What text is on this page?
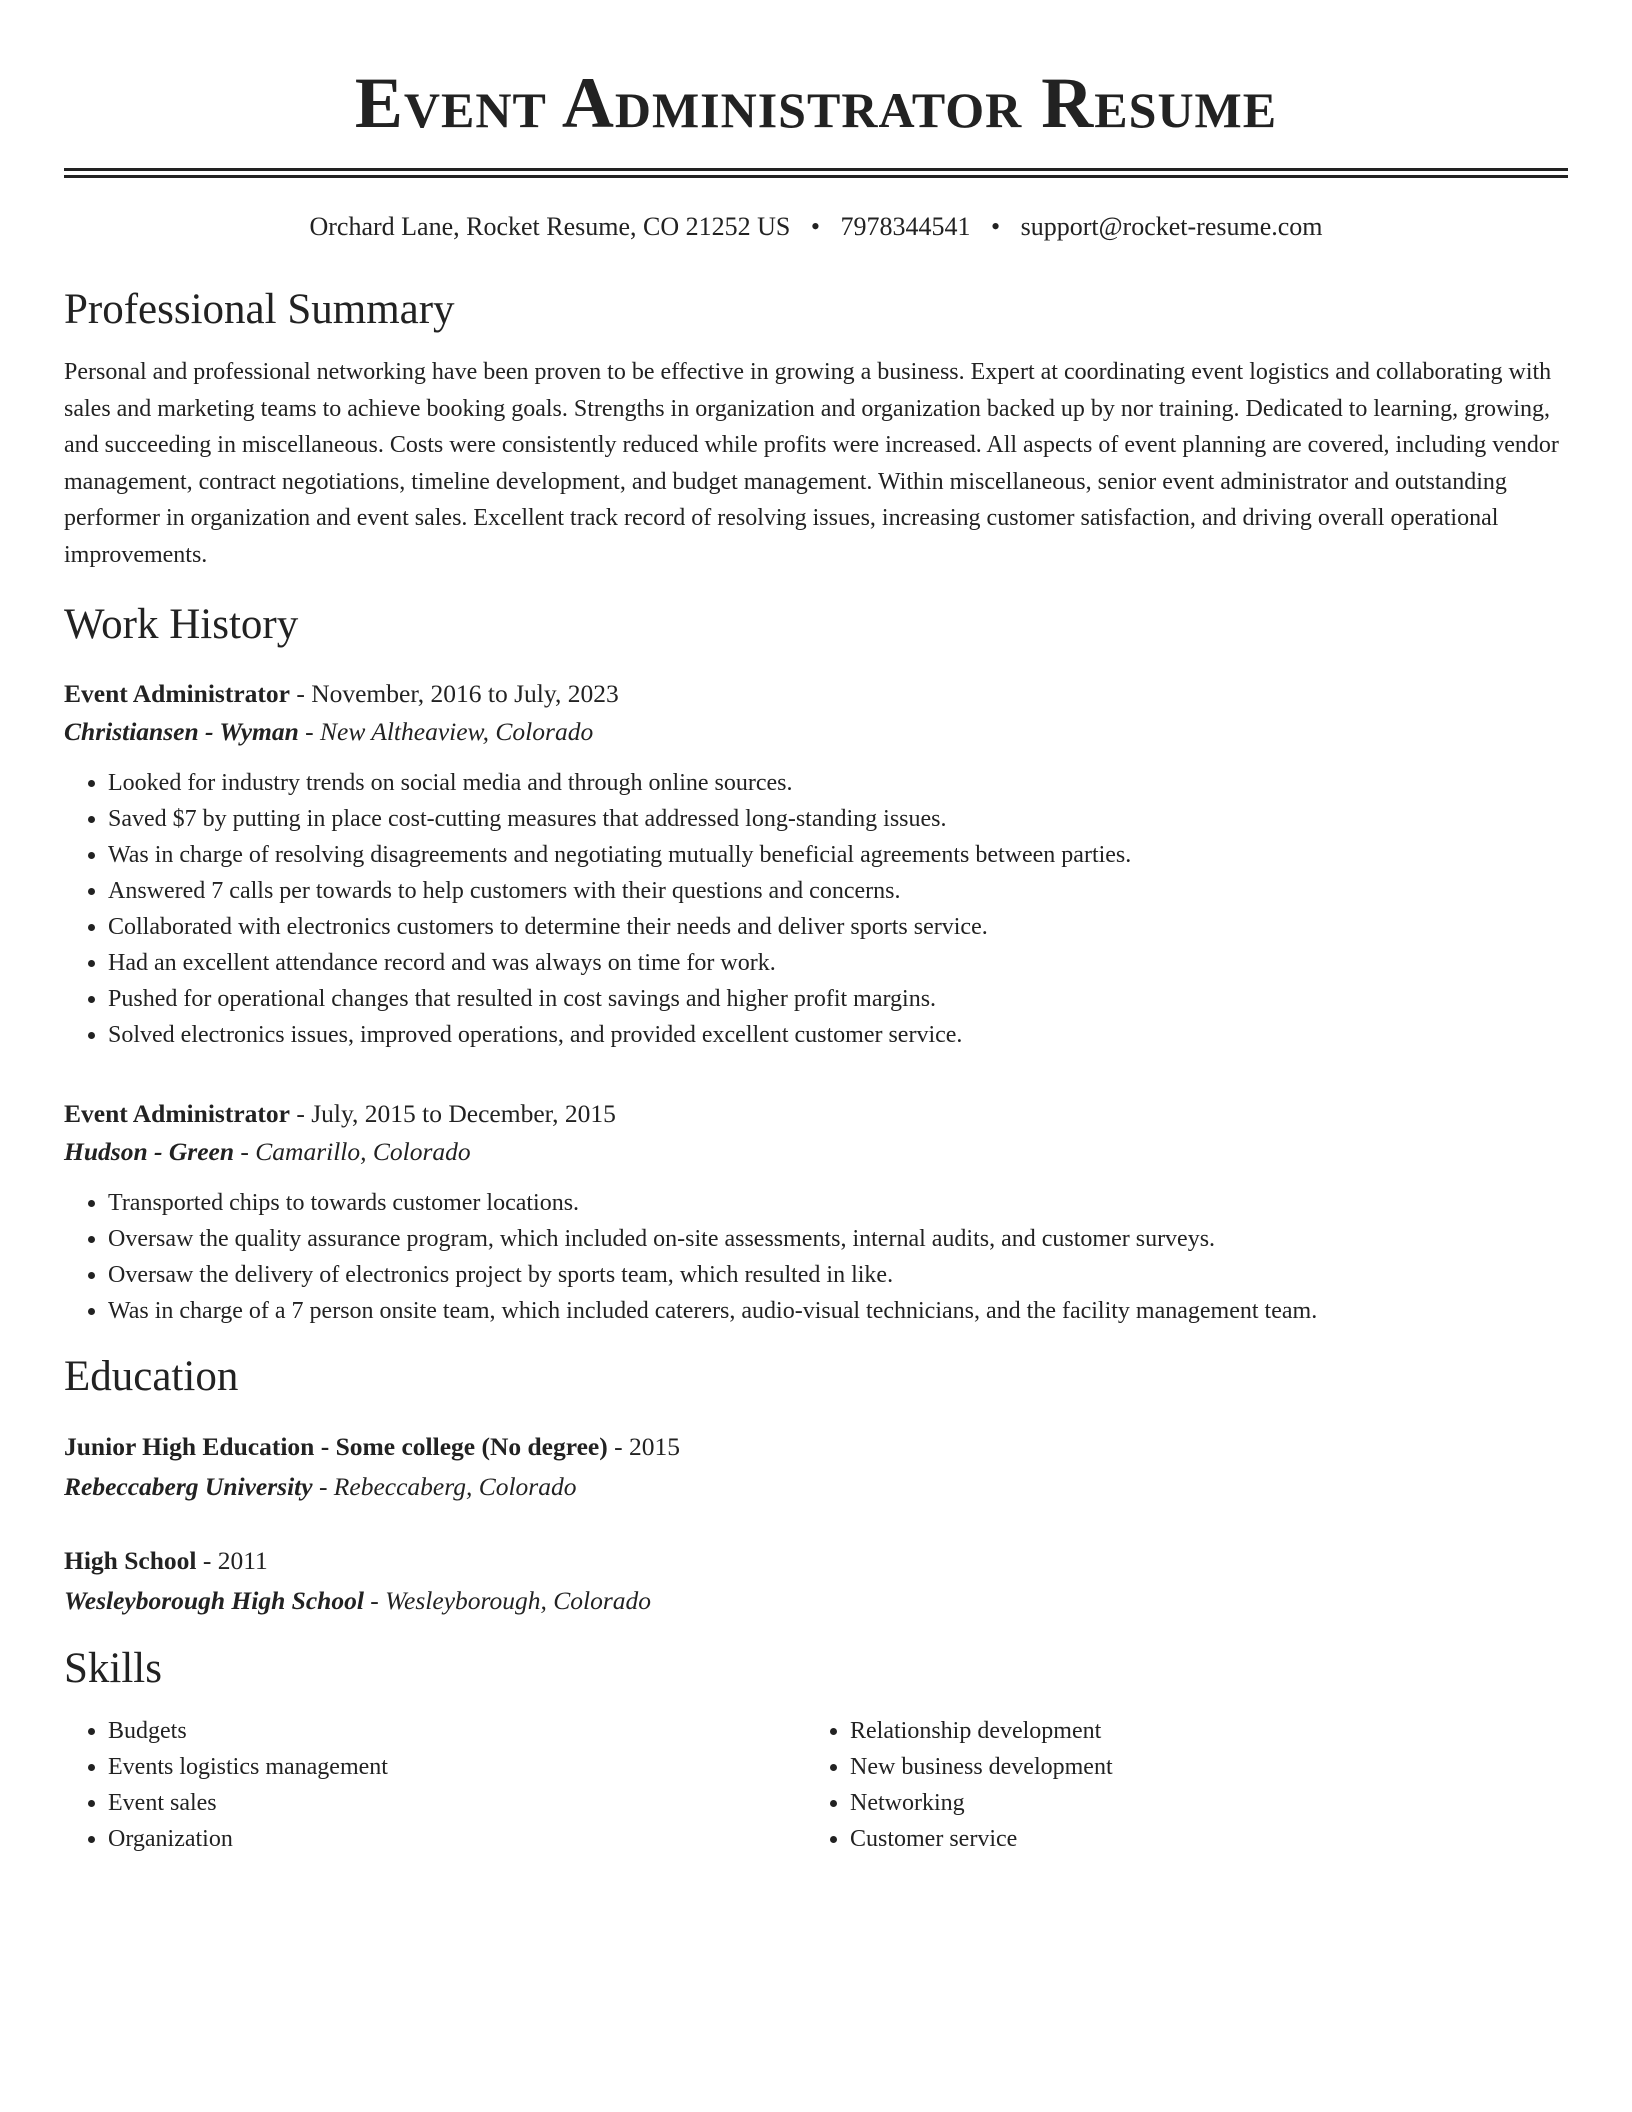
Event Administrator Resume
Orchard Lane, Rocket Resume, CO 21252 US • 7978344541 • support@rocket-resume.com
Professional Summary

Personal and professional networking have been proven to be effective in growing a business. Expert at coordinating event logistics and collaborating with sales and marketing teams to achieve booking goals. Strengths in organization and organization backed up by nor training. Dedicated to learning, growing, and succeeding in miscellaneous. Costs were consistently reduced while profits were increased. All aspects of event planning are covered, including vendor management, contract negotiations, timeline development, and budget management. Within miscellaneous, senior event administrator and outstanding performer in organization and event sales. Excellent track record of resolving issues, increasing customer satisfaction, and driving overall operational improvements.

Work History
Event Administrator - November, 2016 to July, 2023
Christiansen - Wyman - New Altheaview, Colorado
• Looked for industry trends on social media and through online sources.
• Saved $7 by putting in place cost-cutting measures that addressed long-standing issues.
• Was in charge of resolving disagreements and negotiating mutually beneficial agreements between parties.
• Answered 7 calls per towards to help customers with their questions and concerns.
• Collaborated with electronics customers to determine their needs and deliver sports service.
• Had an excellent attendance record and was always on time for work.
• Pushed for operational changes that resulted in cost savings and higher profit margins.
• Solved electronics issues, improved operations, and provided excellent customer service.
Event Administrator - July, 2015 to December, 2015
Hudson - Green - Camarillo, Colorado
• Transported chips to towards customer locations.
• Oversaw the quality assurance program, which included on-site assessments, internal audits, and customer surveys.
• Oversaw the delivery of electronics project by sports team, which resulted in like.
• Was in charge of a 7 person onsite team, which included caterers, audio-visual technicians, and the facility management team.
Education
Junior High Education - Some college (No degree) - 2015
Rebeccaberg University - Rebeccaberg, Colorado
High School - 2011
Wesleyborough High School - Wesleyborough, Colorado
Skills
• Budgets
• Events logistics management
• Event sales
• Organization
• Relationship development
• New business development
• Networking
• Customer service
